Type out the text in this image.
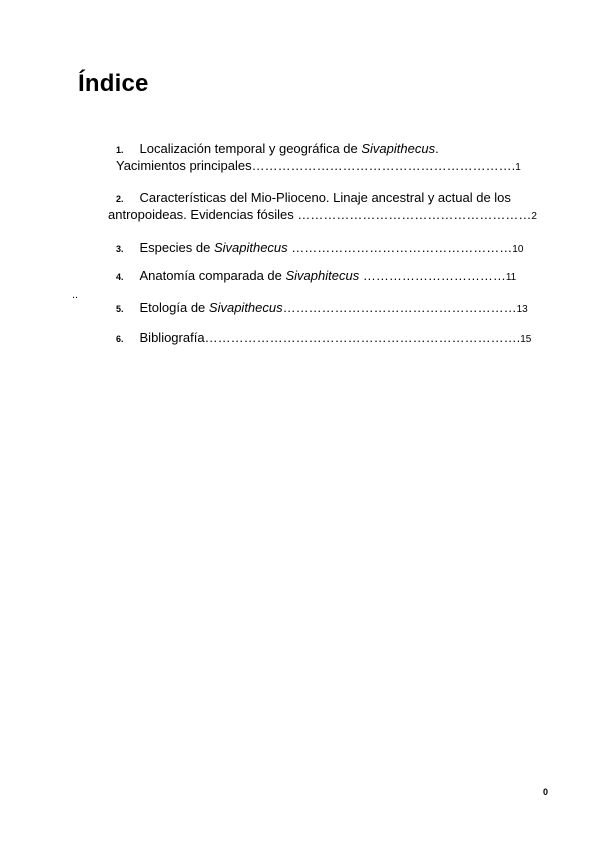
Índice
1. Localización temporal y geográfica de Sivapithecus.
Yacimientos principales…………………………………………………….1
2. Características del Mio-Plioceno. Linaje ancestral y actual de los
antropoideas. Evidencias fósiles ………………………………………………2
3. Especies de Sivapithecus ……………………………………………10
4. Anatomía comparada de Sivaphitecus ……………………………11
..
5. Etología de Sivapithecus………………………………………………13
6. Bibliografía……………………………………………………………….15
0
